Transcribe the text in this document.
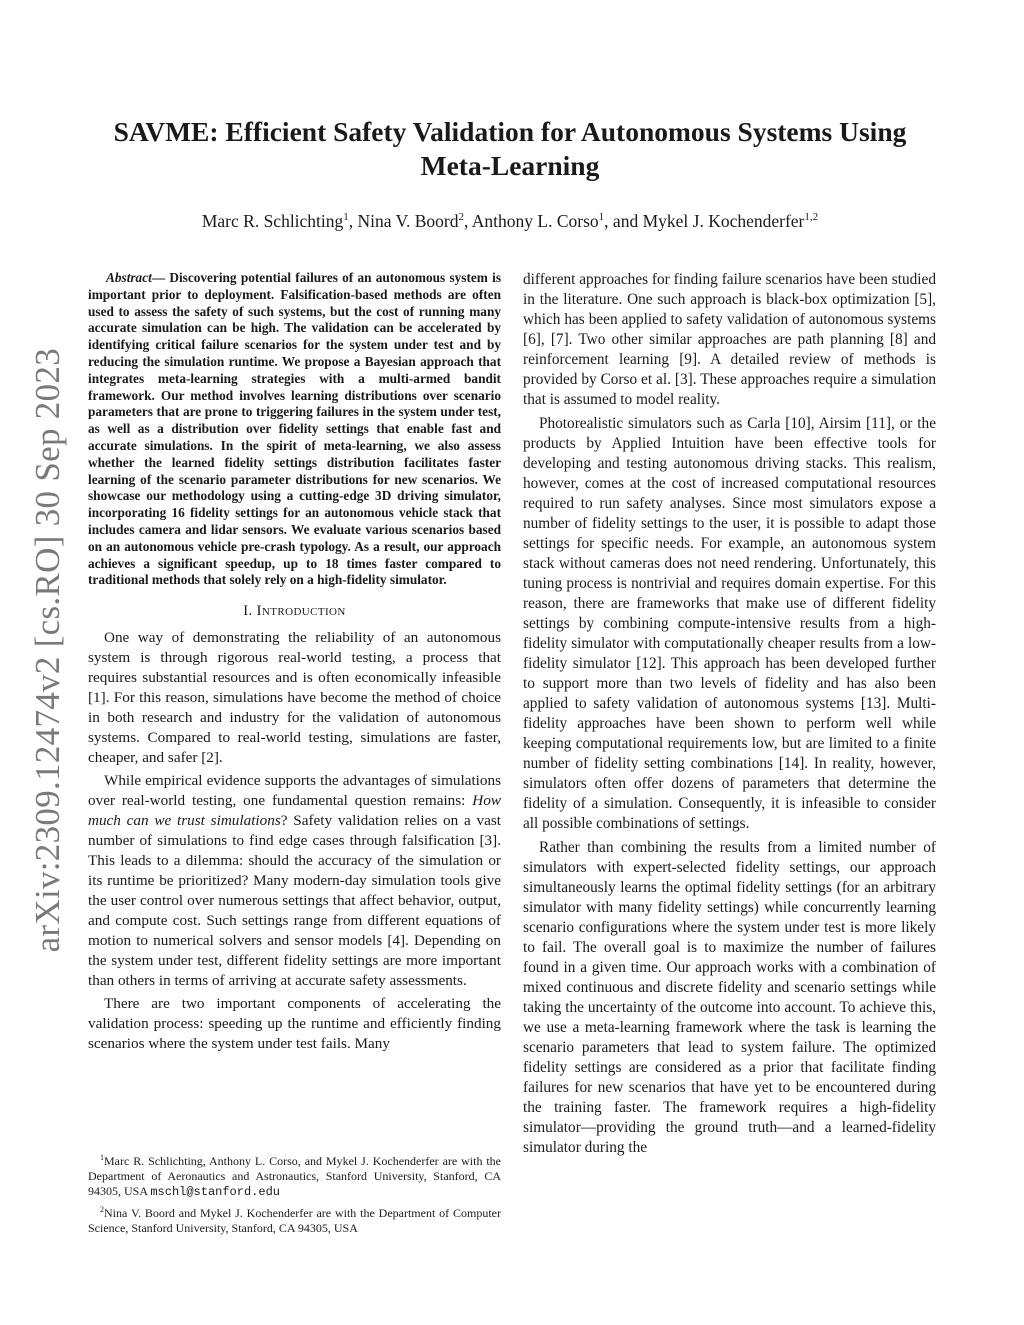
arXiv:2309.12474v2 [cs.RO] 30 Sep 2023
SAVME: Efficient Safety Validation for Autonomous Systems Using
Meta-Learning
Marc R. Schlichting$^1$, Nina V. Boord$^2$, Anthony L. Corso$^1$, and Mykel J. Kochenderfer$^{1,2}$

Abstract— Discovering potential failures of an autonomous system is important prior to deployment. Falsification-based methods are often used to assess the safety of such systems, but the cost of running many accurate simulation can be high. The validation can be accelerated by identifying critical failure scenarios for the system under test and by reducing the simulation runtime. We propose a Bayesian approach that integrates meta-learning strategies with a multi-armed bandit framework. Our method involves learning distributions over scenario parameters that are prone to triggering failures in the system under test, as well as a distribution over fidelity settings that enable fast and accurate simulations. In the spirit of meta-learning, we also assess whether the learned fidelity settings distribution facilitates faster learning of the scenario parameter distributions for new scenarios. We showcase our methodology using a cutting-edge 3D driving simulator, incorporating 16 fidelity settings for an autonomous vehicle stack that includes camera and lidar sensors. We evaluate various scenarios based on an autonomous vehicle pre-crash typology. As a result, our approach achieves a significant speedup, up to 18 times faster compared to traditional methods that solely rely on a high-fidelity simulator.

I. Introduction

One way of demonstrating the reliability of an autonomous system is through rigorous real-world testing, a process that requires substantial resources and is often economically infeasible [1]. For this reason, simulations have become the method of choice in both research and industry for the validation of autonomous systems. Compared to real-world testing, simulations are faster, cheaper, and safer [2].

While empirical evidence supports the advantages of simulations over real-world testing, one fundamental question remains: How much can we trust simulations? Safety validation relies on a vast number of simulations to find edge cases through falsification [3]. This leads to a dilemma: should the accuracy of the simulation or its runtime be prioritized? Many modern-day simulation tools give the user control over numerous settings that affect behavior, output, and compute cost. Such settings range from different equations of motion to numerical solvers and sensor models [4]. Depending on the system under test, different fidelity settings are more important than others in terms of arriving at accurate safety assessments.

There are two important components of accelerating the validation process: speeding up the runtime and efficiently finding scenarios where the system under test fails. Many

$^1$Marc R. Schlichting, Anthony L. Corso, and Mykel J. Kochenderfer are with the Department of Aeronautics and Astronautics, Stanford University, Stanford, CA 94305, USA mschl@stanford.edu

$^2$Nina V. Boord and Mykel J. Kochenderfer are with the Department of Computer Science, Stanford University, Stanford, CA 94305, USA

different approaches for finding failure scenarios have been studied in the literature. One such approach is black-box optimization [5], which has been applied to safety validation of autonomous systems [6], [7]. Two other similar approaches are path planning [8] and reinforcement learning [9]. A detailed review of methods is provided by Corso et al. [3]. These approaches require a simulation that is assumed to model reality.

Photorealistic simulators such as Carla [10], Airsim [11], or the products by Applied Intuition have been effective tools for developing and testing autonomous driving stacks. This realism, however, comes at the cost of increased computational resources required to run safety analyses. Since most simulators expose a number of fidelity settings to the user, it is possible to adapt those settings for specific needs. For example, an autonomous system stack without cameras does not need rendering. Unfortunately, this tuning process is nontrivial and requires domain expertise. For this reason, there are frameworks that make use of different fidelity settings by combining compute-intensive results from a high-fidelity simulator with computationally cheaper results from a low-fidelity simulator [12]. This approach has been developed further to support more than two levels of fidelity and has also been applied to safety validation of autonomous systems [13]. Multi-fidelity approaches have been shown to perform well while keeping computational requirements low, but are limited to a finite number of fidelity setting combinations [14]. In reality, however, simulators often offer dozens of parameters that determine the fidelity of a simulation. Consequently, it is infeasible to consider all possible combinations of settings.

Rather than combining the results from a limited number of simulators with expert-selected fidelity settings, our approach simultaneously learns the optimal fidelity settings (for an arbitrary simulator with many fidelity settings) while concurrently learning scenario configurations where the system under test is more likely to fail. The overall goal is to maximize the number of failures found in a given time. Our approach works with a combination of mixed continuous and discrete fidelity and scenario settings while taking the uncertainty of the outcome into account. To achieve this, we use a meta-learning framework where the task is learning the scenario parameters that lead to system failure. The optimized fidelity settings are considered as a prior that facilitate finding failures for new scenarios that have yet to be encountered during the training faster. The framework requires a high-fidelity simulator—providing the ground truth—and a learned-fidelity simulator during the
